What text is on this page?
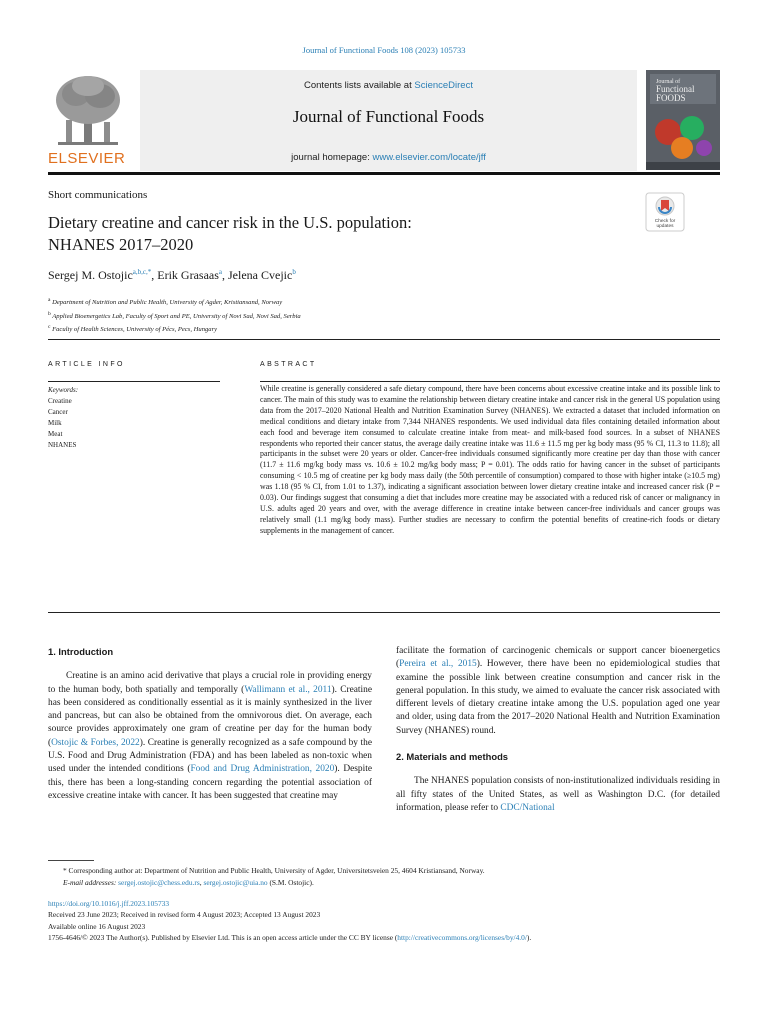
Journal of Functional Foods 108 (2023) 105733
ELSEVIER
Contents lists available at ScienceDirect
Journal of Functional Foods
journal homepage: www.elsevier.com/locate/jff
Journal of
Functional
FOODS
Short communications
Dietary creatine and cancer risk in the U.S. population:
NHANES 2017–2020
Check for
updates
Sergej M. Ostojic$^{a,b,c,*}$, Erik Grasaas$^a$, Jelena Cvejic$^b$
$^a$ Department of Nutrition and Public Health, University of Agder, Kristiansand, Norway
$^b$ Applied Bioenergetics Lab, Faculty of Sport and PE, University of Novi Sad, Novi Sad, Serbia
$^c$ Faculty of Health Sciences, University of Pécs, Pecs, Hungary
ARTICLE INFO	ABSTRACT
Keywords:
Creatine
Cancer
Milk
Meat
NHANES
While creatine is generally considered a safe dietary compound, there have been concerns about excessive creatine intake and its possible link to cancer. The main of this study was to examine the relationship between dietary creatine intake and cancer risk in the general US population using data from the 2017–2020 National Health and Nutrition Examination Survey (NHANES). We extracted a dataset that included information on medical conditions and dietary intake from 7,344 NHANES respondents. We used individual data files containing detailed information about each food and beverage item consumed to calculate creatine intake from meat- and milk-based food sources. In a subset of NHANES respondents who reported their cancer status, the average daily creatine intake was 11.6 ± 11.5 mg per kg body mass (95 % CI, 11.3 to 11.8); all participants in the subset were 20 years or older. Cancer-free individuals consumed significantly more creatine per day than those with cancer (11.7 ± 11.6 mg/kg body mass vs. 10.6 ± 10.2 mg/kg body mass; P = 0.01). The odds ratio for having cancer in the subset of participants consuming < 10.5 mg of creatine per kg body mass daily (the 50th percentile of consumption) compared to those with higher intake (≥10.5 mg) was 1.18 (95 % CI, from 1.01 to 1.37), indicating a significant association between lower dietary creatine intake and increased cancer risk (P = 0.03). Our findings suggest that consuming a diet that includes more creatine may be associated with a reduced risk of cancer or malignancy in U.S. adults aged 20 years and over, with the average difference in creatine intake between cancer-free individuals and cancer groups was relatively small (1.1 mg/kg body mass). Further studies are necessary to confirm the potential benefits of creatine-rich foods or dietary supplements in the management of cancer.
1. Introduction

Creatine is an amino acid derivative that plays a crucial role in providing energy to the human body, both spatially and temporally (Wallimann et al., 2011). Creatine has been considered as conditionally essential as it is mainly synthesized in the liver and pancreas, but can also be obtained from the omnivorous diet. On average, each source provides approximately one gram of creatine per day for the human body (Ostojic & Forbes, 2022). Creatine is generally recognized as a safe compound by the U.S. Food and Drug Administration (FDA) and has been labeled as non-toxic when used under the intended conditions (Food and Drug Administration, 2020). Despite this, there has been a long-standing concern regarding the potential association of excessive creatine intake with cancer. It has been suggested that creatine may

facilitate the formation of carcinogenic chemicals or support cancer bioenergetics (Pereira et al., 2015). However, there have been no epidemiological studies that examine the possible link between creatine consumption and cancer risk in the general population. In this study, we aimed to evaluate the cancer risk associated with different levels of dietary creatine intake among the U.S. population aged one year and older, using data from the 2017–2020 National Health and Nutrition Examination Survey (NHANES) round.

2. Materials and methods

The NHANES population consists of non-institutionalized individuals residing in all fifty states of the United States, as well as Washington D.C. (for detailed information, please refer to CDC/National

* Corresponding author at: Department of Nutrition and Public Health, University of Agder, Universitetsveien 25, 4604 Kristiansand, Norway.
E-mail addresses: sergej.ostojic@chess.edu.rs, sergej.ostojic@uia.no (S.M. Ostojic).
https://doi.org/10.1016/j.jff.2023.105733
Received 23 June 2023; Received in revised form 4 August 2023; Accepted 13 August 2023
Available online 16 August 2023
1756-4646/© 2023 The Author(s). Published by Elsevier Ltd. This is an open access article under the CC BY license (http://creativecommons.org/licenses/by/4.0/).
